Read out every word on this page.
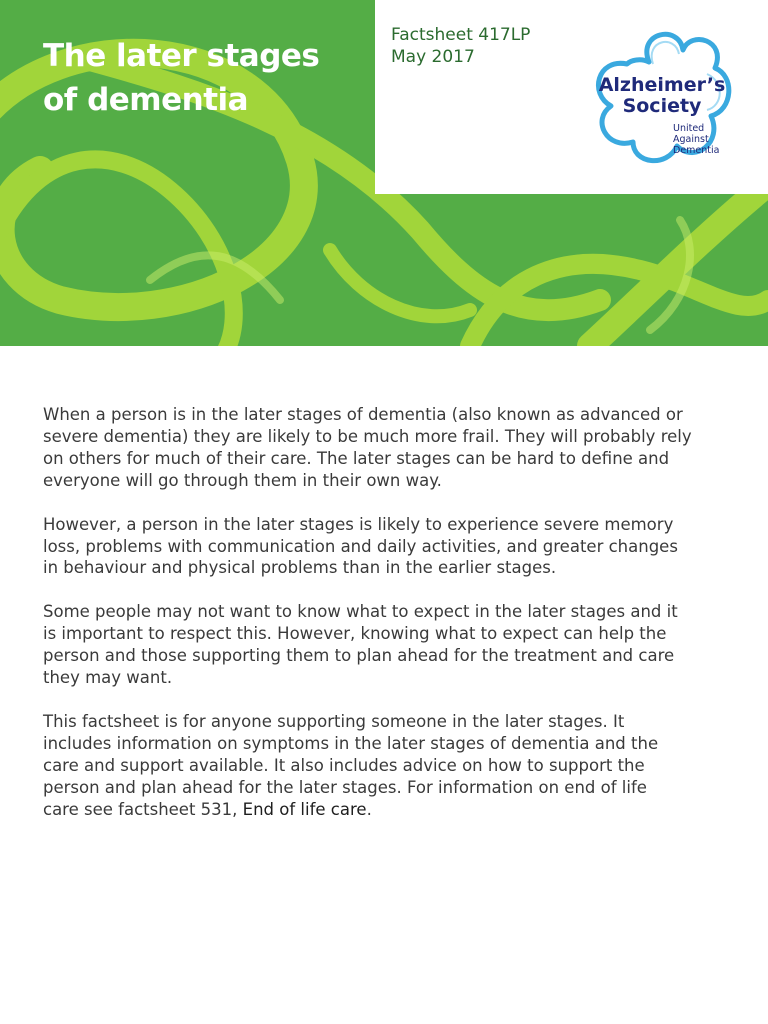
The later stages
of dementia
Factsheet 417LP
May 2017
Alzheimer’s
Society
United
Against
Dementia

When a person is in the later stages of dementia (also known as advanced or
severe dementia) they are likely to be much more frail. They will probably rely
on others for much of their care. The later stages can be hard to define and
everyone will go through them in their own way.

However, a person in the later stages is likely to experience severe memory
loss, problems with communication and daily activities, and greater changes
in behaviour and physical problems than in the earlier stages.

Some people may not want to know what to expect in the later stages and it
is important to respect this. However, knowing what to expect can help the
person and those supporting them to plan ahead for the treatment and care
they may want.

This factsheet is for anyone supporting someone in the later stages. It
includes information on symptoms in the later stages of dementia and the
care and support available. It also includes advice on how to support the
person and plan ahead for the later stages. For information on end of life
care see factsheet 531, End of life care.
